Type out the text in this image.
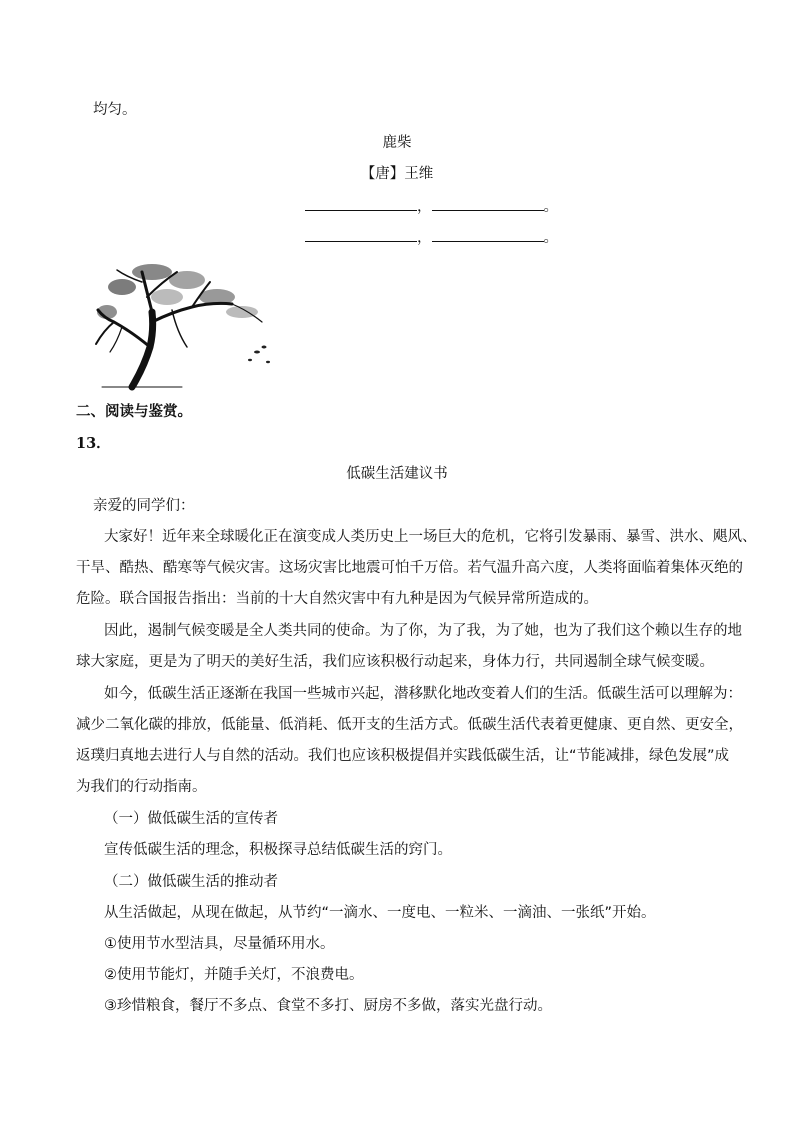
均匀。
鹿柴
【唐】王维
，	。
，	。
二、阅读与鉴赏。
13．
低碳生活建议书
亲爱的同学们：
大家好！近年来全球暖化正在演变成人类历史上一场巨大的危机，它将引发暴雨、暴雪、洪水、飓风、
干旱、酷热、酷寒等气候灾害。这场灾害比地震可怕千万倍。若气温升高六度，人类将面临着集体灭绝的
危险。联合国报告指出：当前的十大自然灾害中有九种是因为气候异常所造成的。
因此，遏制气候变暖是全人类共同的使命。为了你，为了我，为了她，也为了我们这个赖以生存的地
球大家庭，更是为了明天的美好生活，我们应该积极行动起来，身体力行，共同遏制全球气候变暖。
如今，低碳生活正逐渐在我国一些城市兴起，潜移默化地改变着人们的生活。低碳生活可以理解为：
减少二氧化碳的排放，低能量、低消耗、低开支的生活方式。低碳生活代表着更健康、更自然、更安全，
返璞归真地去进行人与自然的活动。我们也应该积极提倡并实践低碳生活，让“节能减排，绿色发展”成
为我们的行动指南。
（一）做低碳生活的宣传者
宣传低碳生活的理念，积极探寻总结低碳生活的窍门。
（二）做低碳生活的推动者
从生活做起，从现在做起，从节约“一滴水、一度电、一粒米、一滴油、一张纸”开始。
①使用节水型洁具，尽量循环用水。
②使用节能灯，并随手关灯，不浪费电。
③珍惜粮食，餐厅不多点、食堂不多打、厨房不多做，落实光盘行动。
